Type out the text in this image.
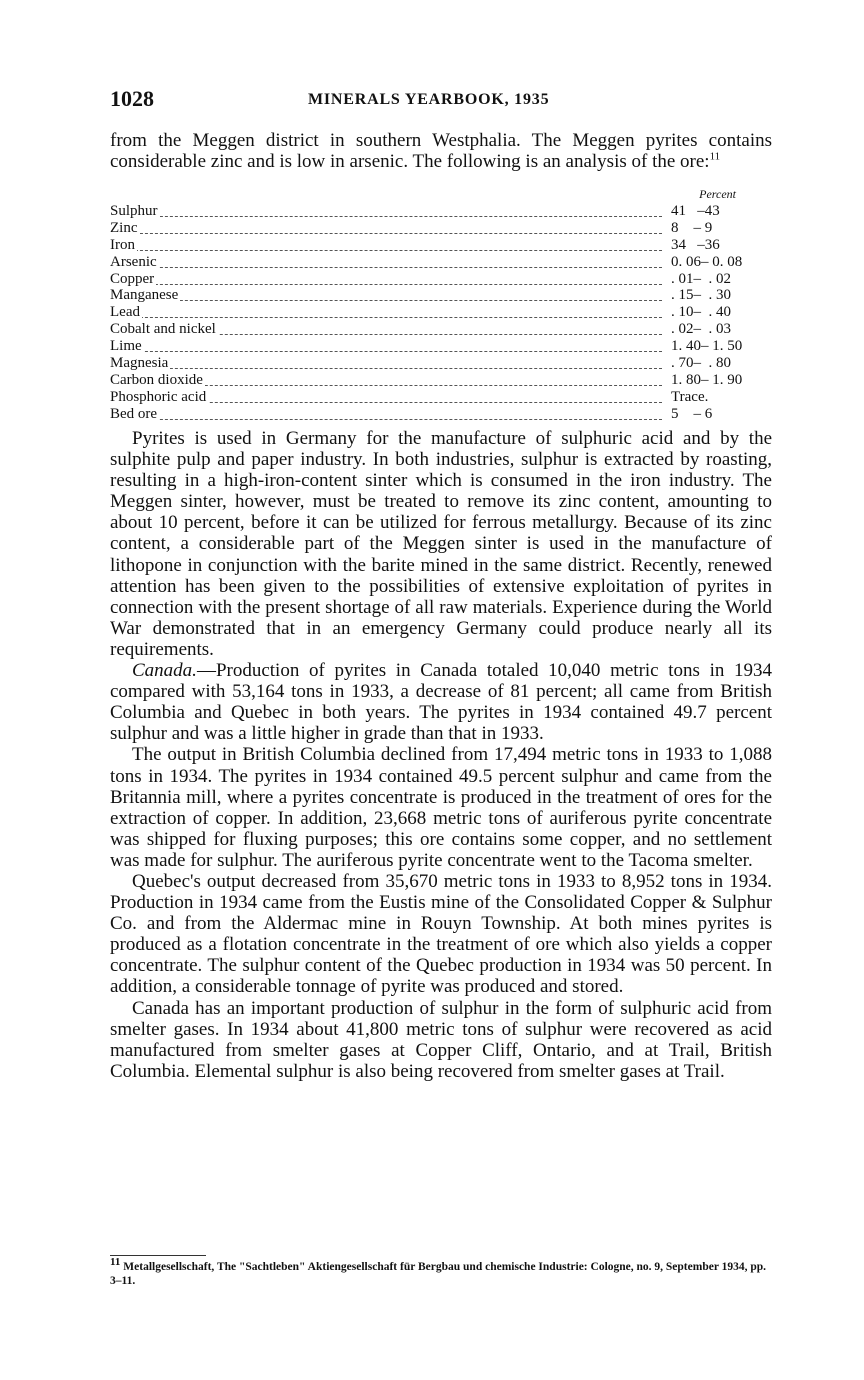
1028	MINERALS YEARBOOK, 1935

from the Meggen district in southern Westphalia. The Meggen pyrites contains considerable zinc and is low in arsenic. The following is an analysis of the ore:$^{11}$

Percent
Sulphur	41   –43
Zinc	8    – 9
Iron	34   –36
Arsenic	0. 06– 0. 08
Copper	. 01–  . 02
Manganese	. 15–  . 30
Lead	. 10–  . 40
Cobalt and nickel	. 02–  . 03
Lime	1. 40– 1. 50
Magnesia	. 70–  . 80
Carbon dioxide	1. 80– 1. 90
Phosphoric acid	Trace.
Bed ore	5    – 6

Pyrites is used in Germany for the manufacture of sulphuric acid and by the sulphite pulp and paper industry. In both industries, sulphur is extracted by roasting, resulting in a high-iron-content sinter which is consumed in the iron industry. The Meggen sinter, however, must be treated to remove its zinc content, amounting to about 10 percent, before it can be utilized for ferrous metallurgy. Because of its zinc content, a considerable part of the Meggen sinter is used in the manufacture of lithopone in conjunction with the barite mined in the same district. Recently, renewed attention has been given to the possibilities of extensive exploitation of pyrites in connection with the present shortage of all raw materials. Experience during the World War demonstrated that in an emergency Germany could produce nearly all its requirements.

Canada.—Production of pyrites in Canada totaled 10,040 metric tons in 1934 compared with 53,164 tons in 1933, a decrease of 81 percent; all came from British Columbia and Quebec in both years. The pyrites in 1934 contained 49.7 percent sulphur and was a little higher in grade than that in 1933.

The output in British Columbia declined from 17,494 metric tons in 1933 to 1,088 tons in 1934. The pyrites in 1934 contained 49.5 percent sulphur and came from the Britannia mill, where a pyrites concentrate is produced in the treatment of ores for the extraction of copper. In addition, 23,668 metric tons of auriferous pyrite concentrate was shipped for fluxing purposes; this ore contains some copper, and no settlement was made for sulphur. The auriferous pyrite concentrate went to the Tacoma smelter.

Quebec's output decreased from 35,670 metric tons in 1933 to 8,952 tons in 1934. Production in 1934 came from the Eustis mine of the Consolidated Copper & Sulphur Co. and from the Aldermac mine in Rouyn Township. At both mines pyrites is produced as a flotation concentrate in the treatment of ore which also yields a copper concentrate. The sulphur content of the Quebec production in 1934 was 50 percent. In addition, a considerable tonnage of pyrite was produced and stored.

Canada has an important production of sulphur in the form of sulphuric acid from smelter gases. In 1934 about 41,800 metric tons of sulphur were recovered as acid manufactured from smelter gases at Copper Cliff, Ontario, and at Trail, British Columbia. Elemental sulphur is also being recovered from smelter gases at Trail.

$^{11}$ Metallgesellschaft, The "Sachtleben" Aktiengesellschaft für Bergbau und chemische Industrie: Cologne, no. 9, September 1934, pp. 3–11.
